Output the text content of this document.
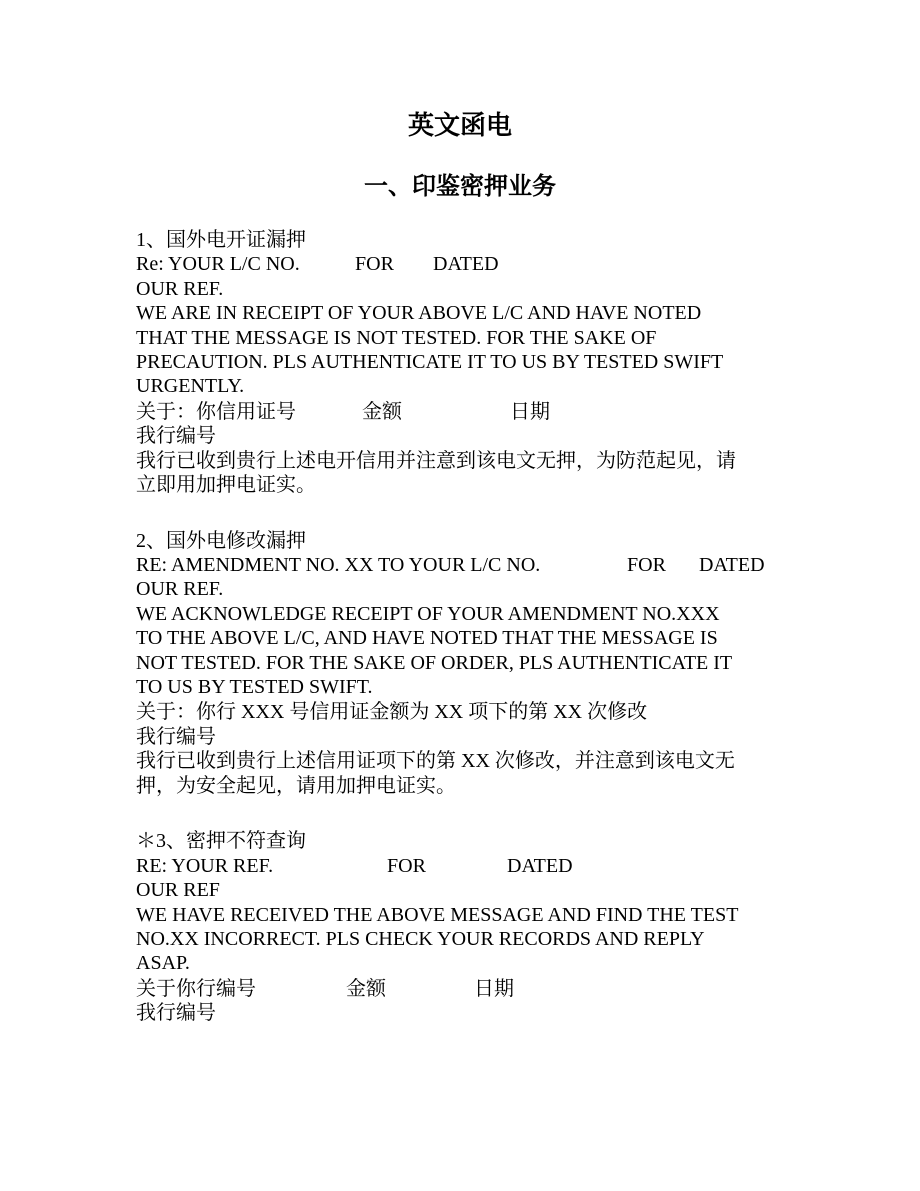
英文函电
一、印鉴密押业务
1、国外电开证漏押
Re: YOUR L/C NO.	FOR DATED
OUR REF.
WE ARE IN RECEIPT OF YOUR ABOVE L/C AND HAVE NOTED
THAT THE MESSAGE IS NOT TESTED. FOR THE SAKE OF
PRECAUTION. PLS AUTHENTICATE IT TO US BY TESTED SWIFT
URGENTLY.
关于：你信用证号	金额	日期
我行编号
我行已收到贵行上述电开信用并注意到该电文无押，为防范起见，请
立即用加押电证实。
2、国外电修改漏押
RE: AMENDMENT NO. XX TO YOUR L/C NO.	FOR DATED
OUR REF.
WE ACKNOWLEDGE RECEIPT OF YOUR AMENDMENT NO.XXX
TO THE ABOVE L/C, AND HAVE NOTED THAT THE MESSAGE IS
NOT TESTED. FOR THE SAKE OF ORDER, PLS AUTHENTICATE IT
TO US BY TESTED SWIFT.
关于：你行 XXX 号信用证金额为 XX 项下的第 XX 次修改
我行编号
我行已收到贵行上述信用证项下的第 XX 次修改，并注意到该电文无
押，为安全起见，请用加押电证实。
＊3、密押不符查询
RE: YOUR REF.	FOR	DATED
OUR REF
WE HAVE RECEIVED THE ABOVE MESSAGE AND FIND THE TEST
NO.XX INCORRECT. PLS CHECK YOUR RECORDS AND REPLY
ASAP.
关于你行编号	金额	日期
我行编号
